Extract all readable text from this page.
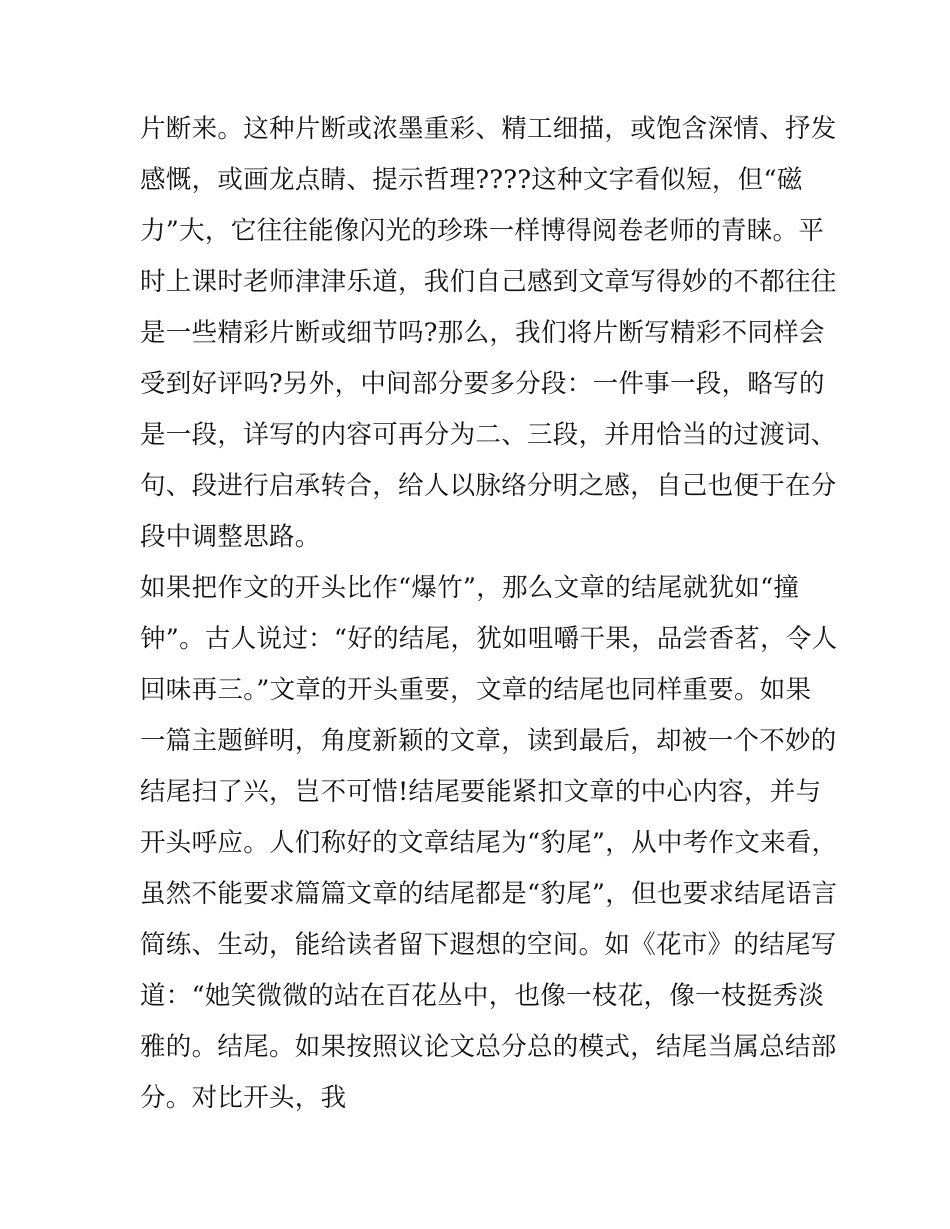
片断来。这种片断或浓墨重彩、精工细描，或饱含深情、抒发
感慨，或画龙点睛、提示哲理????这种文字看似短，但“磁
力”大，它往往能像闪光的珍珠一样博得阅卷老师的青睐。平
时上课时老师津津乐道，我们自己感到文章写得妙的不都往往
是一些精彩片断或细节吗?那么，我们将片断写精彩不同样会
受到好评吗?另外，中间部分要多分段：一件事一段，略写的
是一段，详写的内容可再分为二、三段，并用恰当的过渡词、
句、段进行启承转合，给人以脉络分明之感，自己也便于在分
段中调整思路。
如果把作文的开头比作“爆竹”，那么文章的结尾就犹如“撞
钟”。古人说过：“好的结尾，犹如咀嚼干果，品尝香茗，令人
回味再三。”文章的开头重要，文章的结尾也同样重要。如果
一篇主题鲜明，角度新颖的文章，读到最后，却被一个不妙的
结尾扫了兴，岂不可惜!结尾要能紧扣文章的中心内容，并与
开头呼应。人们称好的文章结尾为“豹尾”，从中考作文来看，
虽然不能要求篇篇文章的结尾都是“豹尾”，但也要求结尾语言
简练、生动，能给读者留下遐想的空间。如《花市》的结尾写
道：“她笑微微的站在百花丛中，也像一枝花，像一枝挺秀淡
雅的。结尾。如果按照议论文总分总的模式，结尾当属总结部
分。对比开头，我
